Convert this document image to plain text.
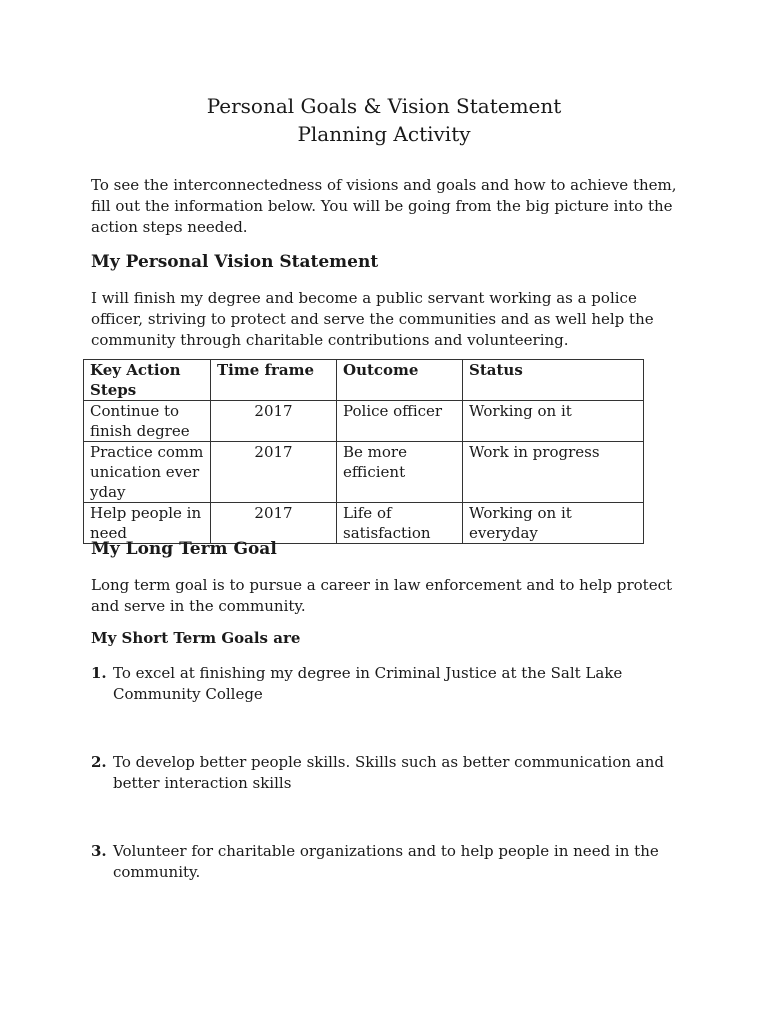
Personal Goals & Vision Statement
Planning Activity
To see the interconnectedness of visions and goals and how to achieve them, fill out the information below. You will be going from the big picture into the action steps needed.
My Personal Vision Statement
I will finish my degree and become a public servant working as a police officer, striving to protect and serve the communities and as well help the community through charitable contributions and volunteering.
Key Action Steps	Time frame	Outcome	Status
Continue to finish degree	2017	Police officer	Working on it
Practice communication everyday	2017	Be more efficient	Work in progress
Help people in need	2017	Life of satisfaction	Working on it everyday
My Long Term Goal
Long term goal is to pursue a career in law enforcement and to help protect and serve in the community.
My Short Term Goals are
1. To excel at finishing my degree in Criminal Justice at the Salt Lake Community College
2. To develop better people skills. Skills such as better communication and better interaction skills
3. Volunteer for charitable organizations and to help people in need in the community.
